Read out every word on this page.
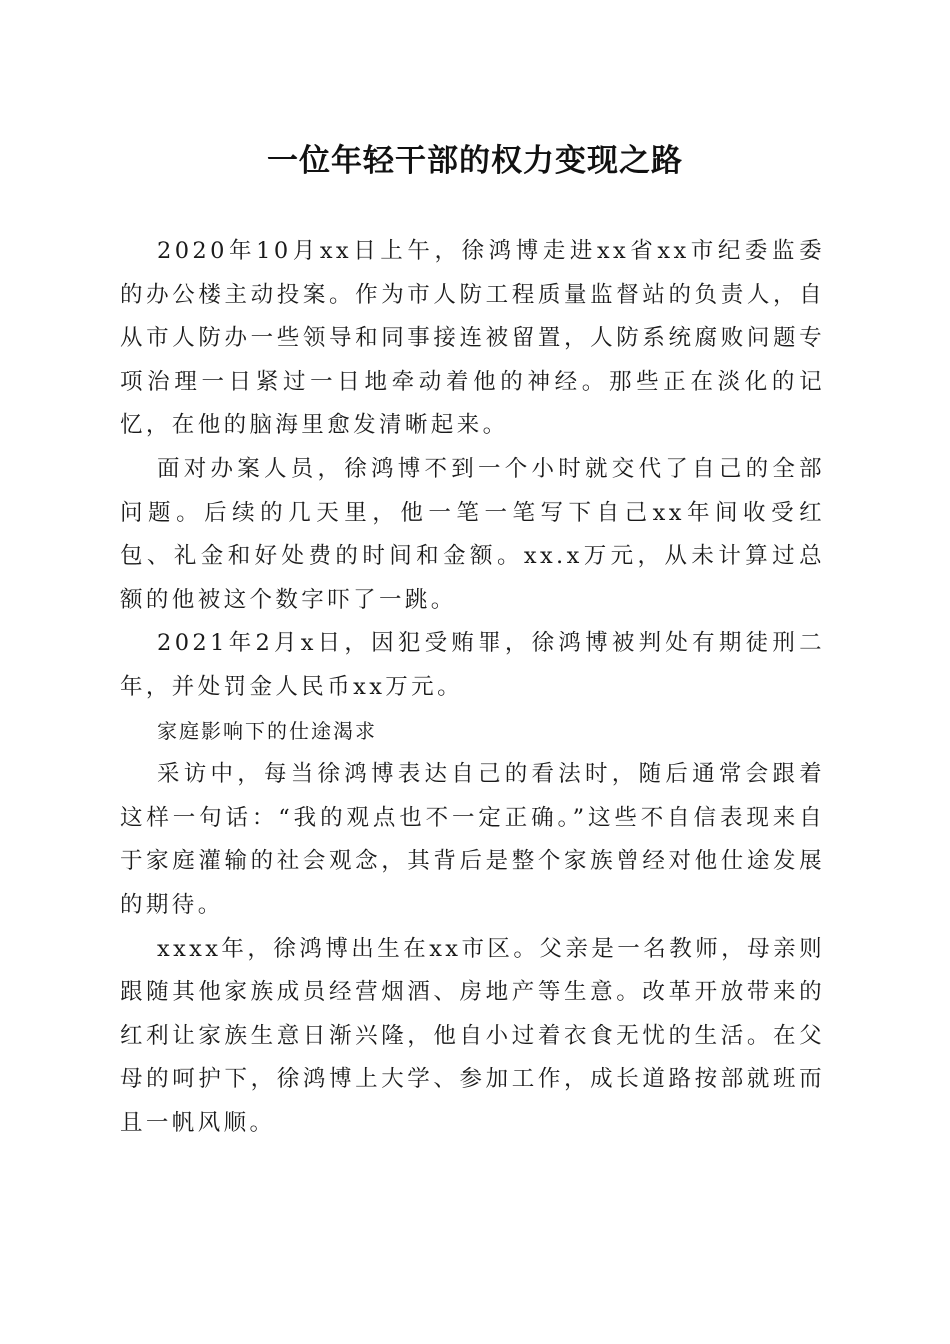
一位年轻干部的权力变现之路

2020年10月xx日上午，徐鸿博走进xx省xx市纪委监委的办公楼主动投案。作为市人防工程质量监督站的负责人，自从市人防办一些领导和同事接连被留置，人防系统腐败问题专项治理一日紧过一日地牵动着他的神经。那些正在淡化的记忆，在他的脑海里愈发清晰起来。

面对办案人员，徐鸿博不到一个小时就交代了自己的全部问题。后续的几天里，他一笔一笔写下自己xx年间收受红包、礼金和好处费的时间和金额。xx.x万元，从未计算过总额的他被这个数字吓了一跳。

2021年2月x日，因犯受贿罪，徐鸿博被判处有期徒刑二年，并处罚金人民币xx万元。

家庭影响下的仕途渴求

采访中，每当徐鸿博表达自己的看法时，随后通常会跟着这样一句话：“我的观点也不一定正确。”这些不自信表现来自于家庭灌输的社会观念，其背后是整个家族曾经对他仕途发展的期待。

xxxx年，徐鸿博出生在xx市区。父亲是一名教师，母亲则跟随其他家族成员经营烟酒、房地产等生意。改革开放带来的红利让家族生意日渐兴隆，他自小过着衣食无忧的生活。在父母的呵护下，徐鸿博上大学、参加工作，成长道路按部就班而且一帆风顺。
